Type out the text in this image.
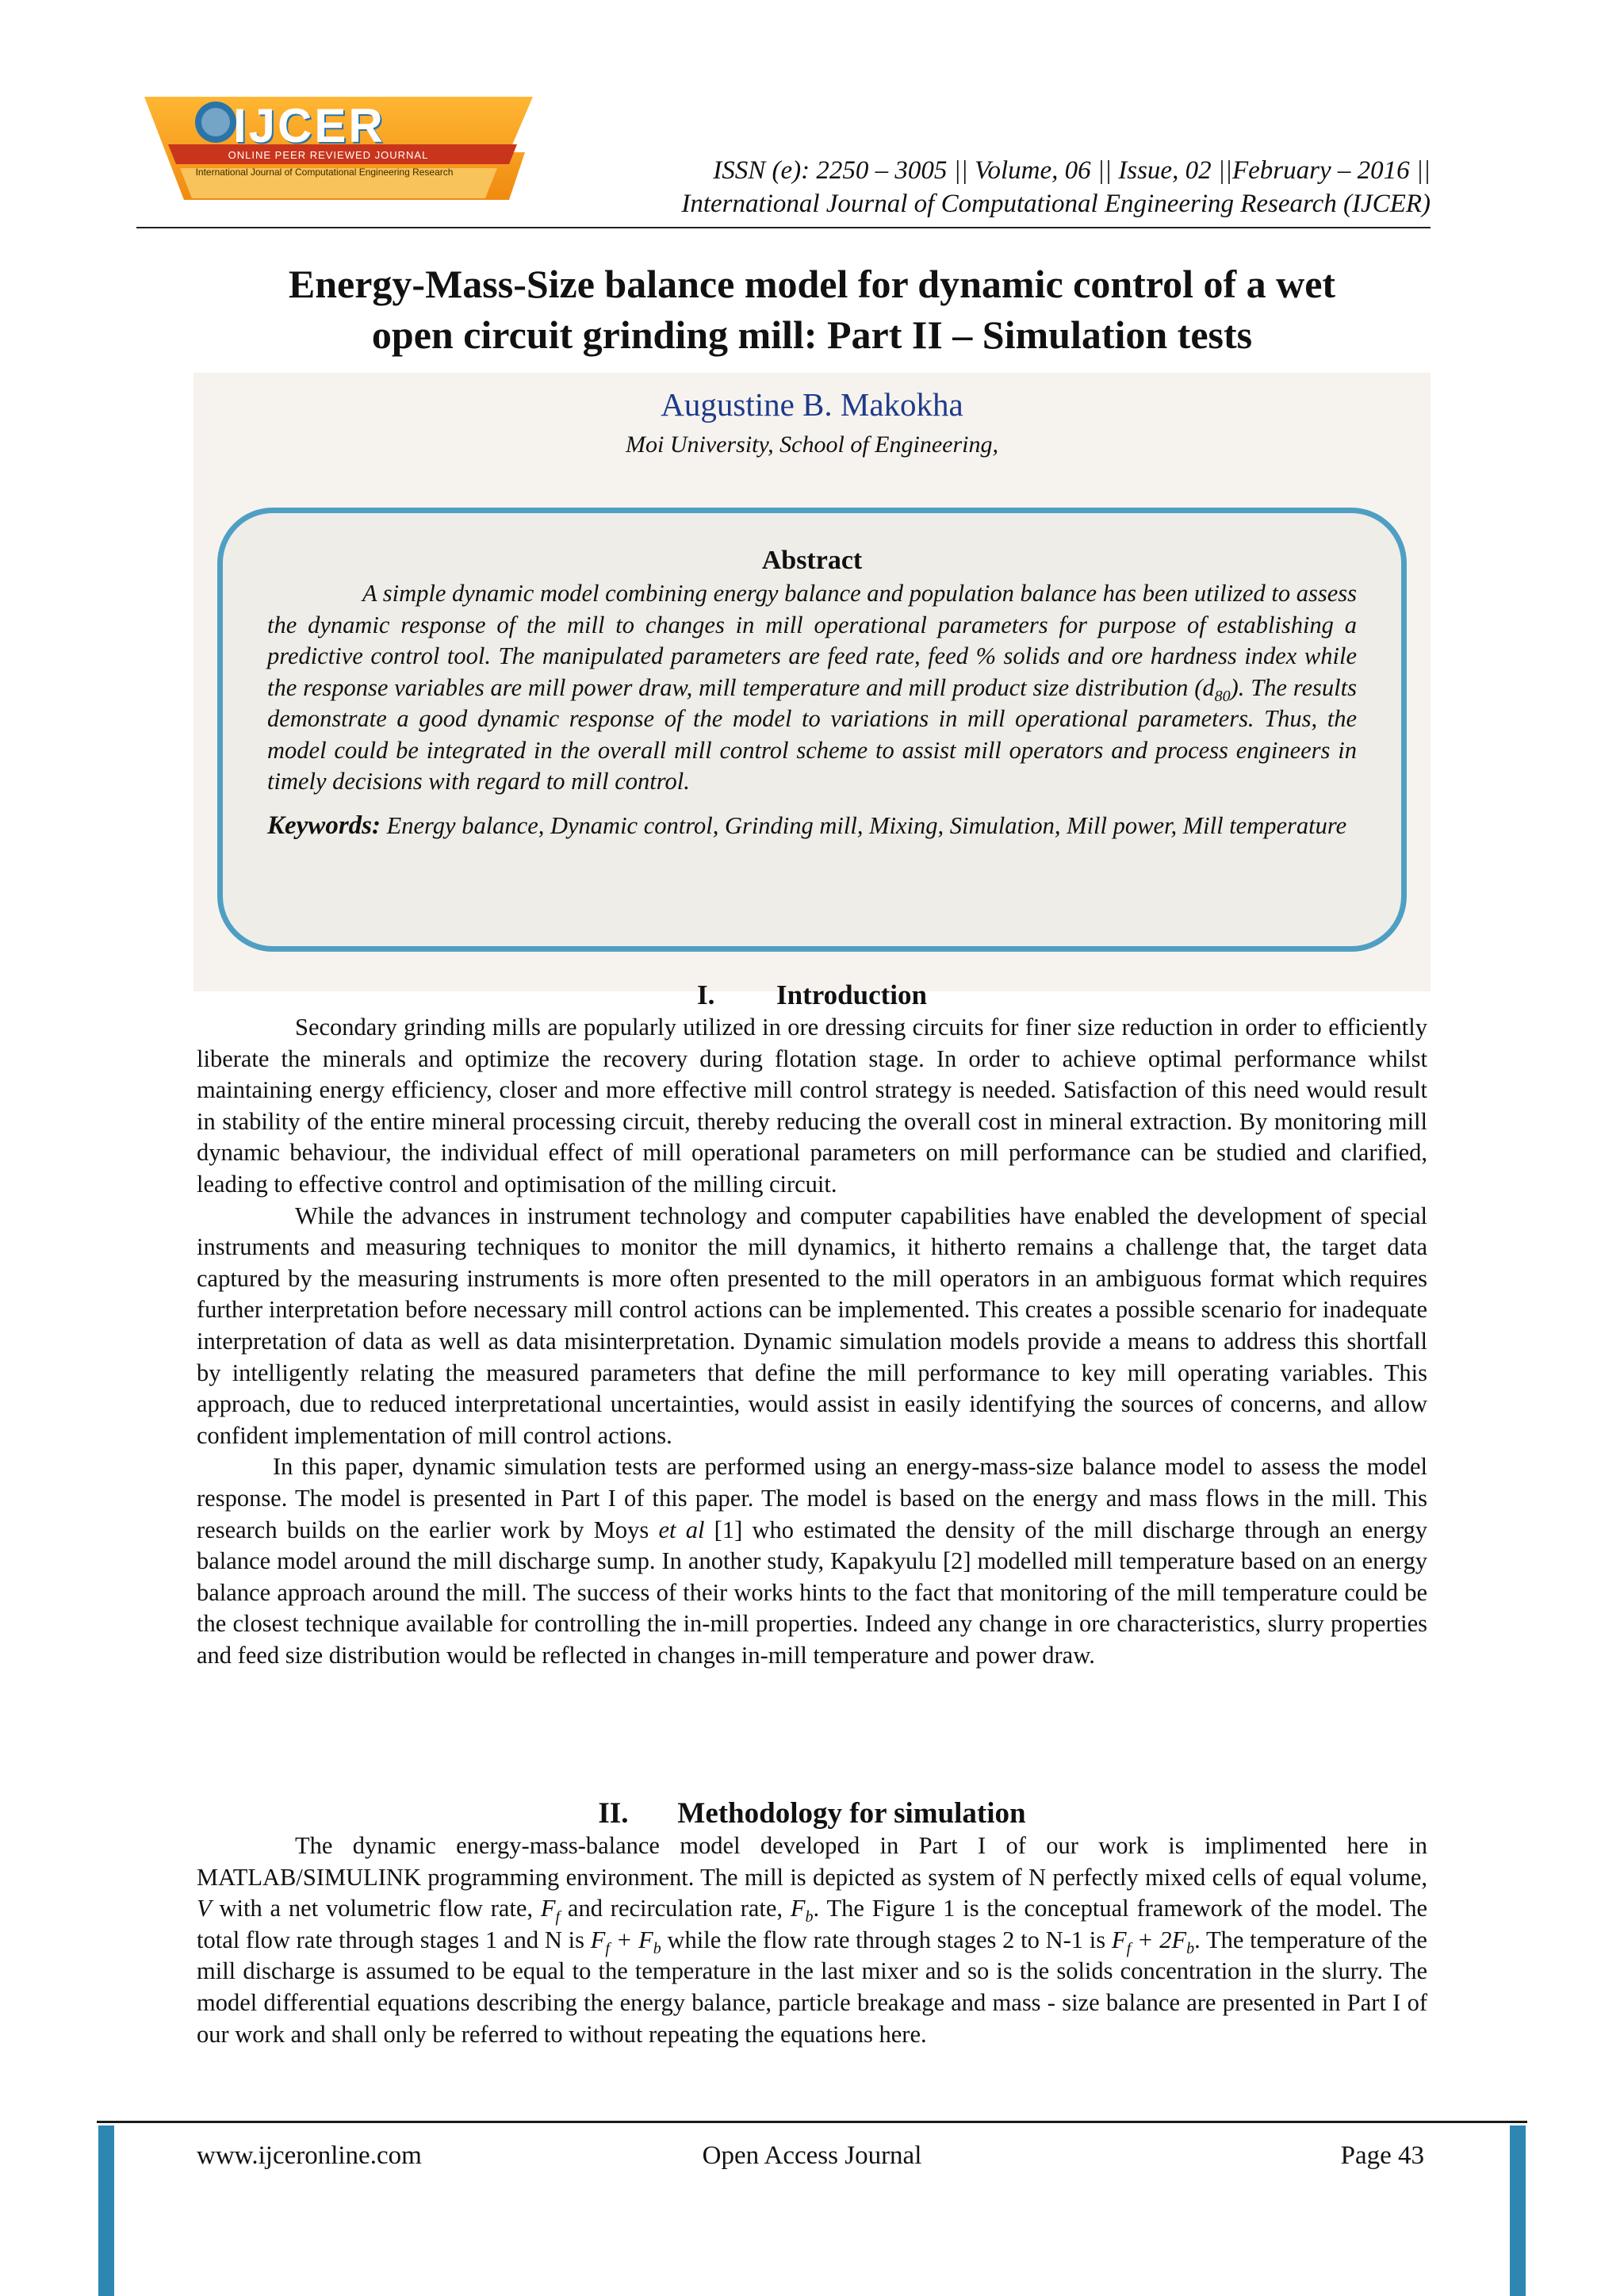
IJCER
ONLINE PEER REVIEWED JOURNAL
International Journal of Computational Engineering Research	ISSN (e): 2250 – 3005 || Volume, 06 || Issue, 02 ||February – 2016 ||
International Journal of Computational Engineering Research (IJCER)
Energy-Mass-Size balance model for dynamic control of a wet
open circuit grinding mill: Part II – Simulation tests
Augustine B. Makokha
Moi University, School of Engineering,
Abstract

A simple dynamic model combining energy balance and population balance has been utilized to assess the dynamic response of the mill to changes in mill operational parameters for purpose of establishing a predictive control tool. The manipulated parameters are feed rate, feed % solids and ore hardness index while the response variables are mill power draw, mill temperature and mill product size distribution $(d_{80})$. The results demonstrate a good dynamic response of the model to variations in mill operational parameters. Thus, the model could be integrated in the overall mill control scheme to assist mill operators and process engineers in timely decisions with regard to mill control.

Keywords: Energy balance, Dynamic control, Grinding mill, Mixing, Simulation, Mill power, Mill temperature

I. Introduction

Secondary grinding mills are popularly utilized in ore dressing circuits for finer size reduction in order to efficiently liberate the minerals and optimize the recovery during flotation stage. In order to achieve optimal performance whilst maintaining energy efficiency, closer and more effective mill control strategy is needed. Satisfaction of this need would result in stability of the entire mineral processing circuit, thereby reducing the overall cost in mineral extraction. By monitoring mill dynamic behaviour, the individual effect of mill operational parameters on mill performance can be studied and clarified, leading to effective control and optimisation of the milling circuit.

While the advances in instrument technology and computer capabilities have enabled the development of special instruments and measuring techniques to monitor the mill dynamics, it hitherto remains a challenge that, the target data captured by the measuring instruments is more often presented to the mill operators in an ambiguous format which requires further interpretation before necessary mill control actions can be implemented. This creates a possible scenario for inadequate interpretation of data as well as data misinterpretation. Dynamic simulation models provide a means to address this shortfall by intelligently relating the measured parameters that define the mill performance to key mill operating variables. This approach, due to reduced interpretational uncertainties, would assist in easily identifying the sources of concerns, and allow confident implementation of mill control actions.

In this paper, dynamic simulation tests are performed using an energy-mass-size balance model to assess the model response. The model is presented in Part I of this paper. The model is based on the energy and mass flows in the mill. This research builds on the earlier work by Moys et al [1] who estimated the density of the mill discharge through an energy balance model around the mill discharge sump. In another study, Kapakyulu [2] modelled mill temperature based on an energy balance approach around the mill. The success of their works hints to the fact that monitoring of the mill temperature could be the closest technique available for controlling the in-mill properties. Indeed any change in ore characteristics, slurry properties and feed size distribution would be reflected in changes in-mill temperature and power draw.

II. Methodology for simulation

The dynamic energy-mass-balance model developed in Part I of our work is implimented here in MATLAB/SIMULINK programming environment. The mill is depicted as system of N perfectly mixed cells of equal volume, V with a net volumetric flow rate, $F_f$ and recirculation rate, $F_b$. The Figure 1 is the conceptual framework of the model. The total flow rate through stages 1 and N is $F_f + F_b$ while the flow rate through stages 2 to N-1 is $F_f + 2F_b$. The temperature of the mill discharge is assumed to be equal to the temperature in the last mixer and so is the solids concentration in the slurry. The model differential equations describing the energy balance, particle breakage and mass - size balance are presented in Part I of our work and shall only be referred to without repeating the equations here.

www.ijceronline.com	Open Access Journal	Page 43
